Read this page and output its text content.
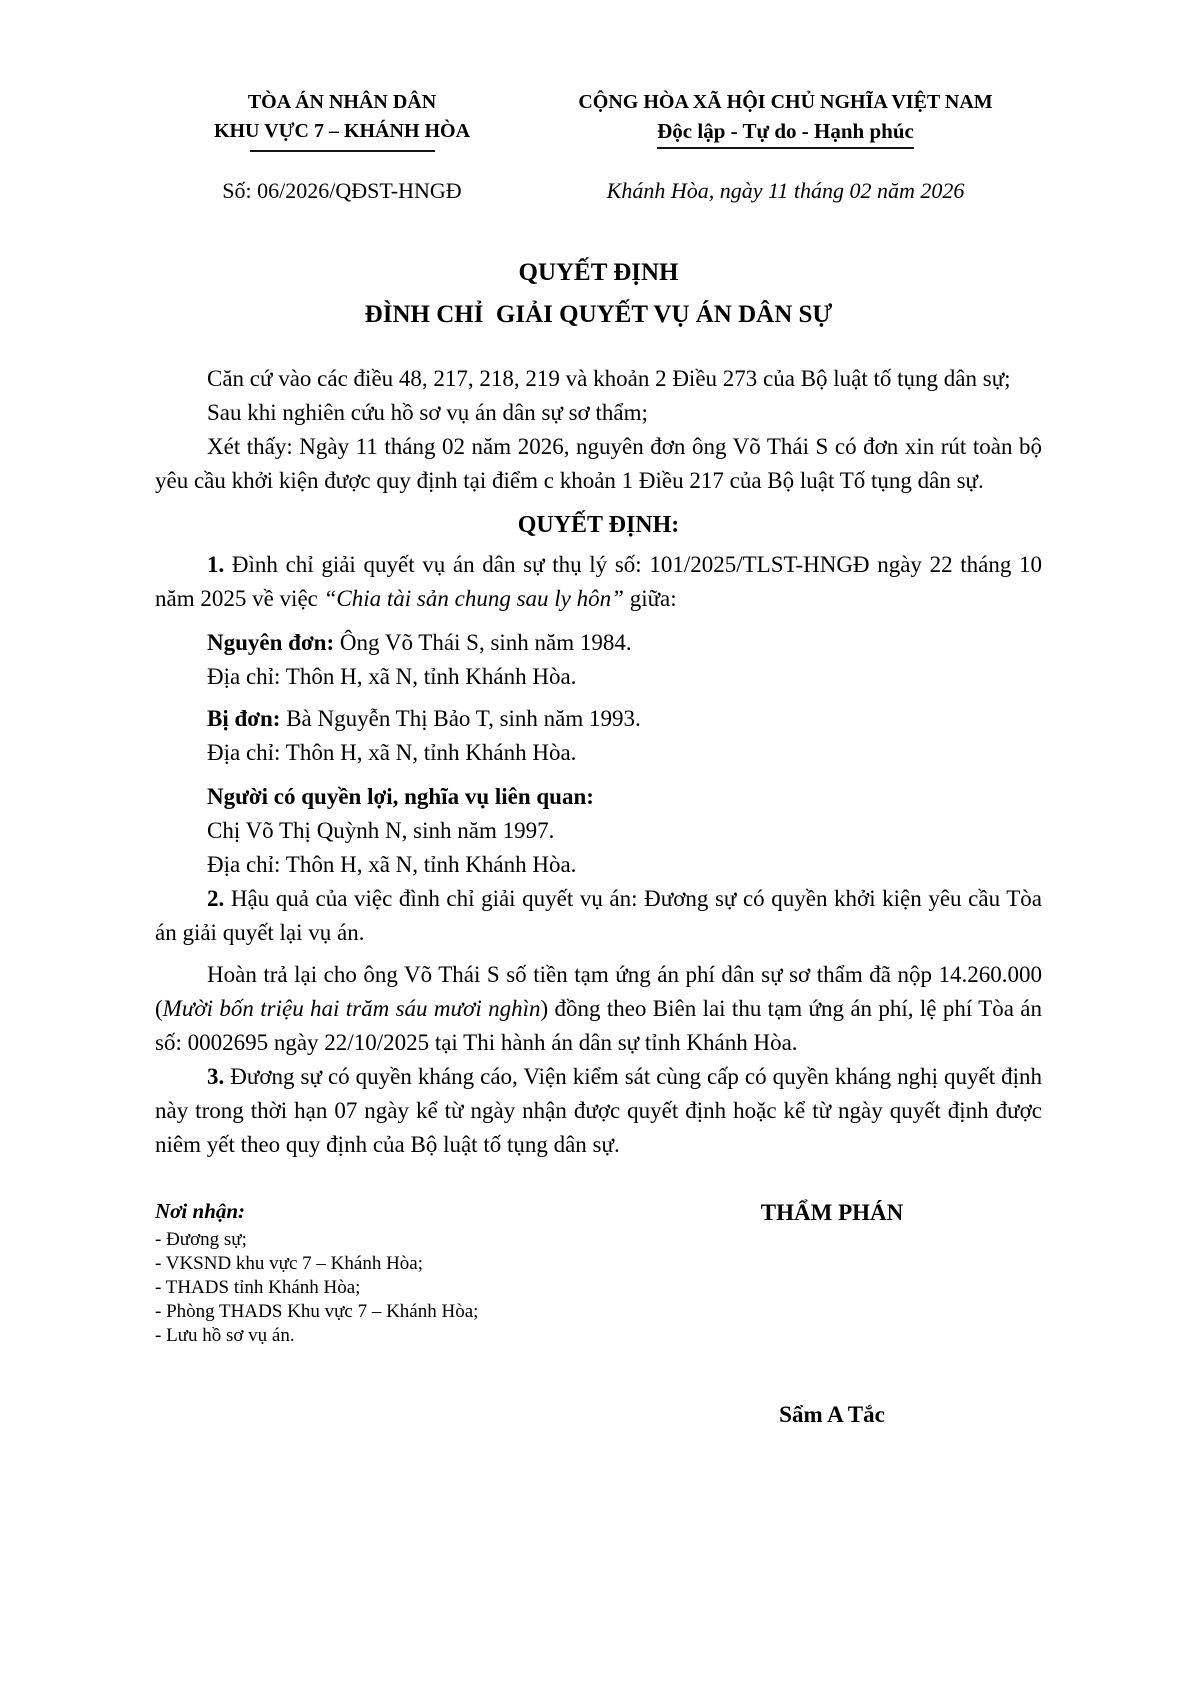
TÒA ÁN NHÂN DÂN
KHU VỰC 7 – KHÁNH HÒA
CỘNG HÒA XÃ HỘI CHỦ NGHĨA VIỆT NAM
Độc lập - Tự do - Hạnh phúc
Số: 06/2026/QĐST-HNGĐ	Khánh Hòa, ngày 11 tháng 02 năm 2026
QUYẾT ĐỊNH
ĐÌNH CHỈ  GIẢI QUYẾT VỤ ÁN DÂN SỰ

Căn cứ vào các điều 48, 217, 218, 219 và khoản 2 Điều 273 của Bộ luật tố tụng dân sự;

Sau khi nghiên cứu hồ sơ vụ án dân sự sơ thẩm;

Xét thấy: Ngày 11 tháng 02 năm 2026, nguyên đơn ông Võ Thái S có đơn xin rút toàn bộ yêu cầu khởi kiện được quy định tại điểm c khoản 1 Điều 217 của Bộ luật Tố tụng dân sự.

QUYẾT ĐỊNH:

1. Đình chỉ giải quyết vụ án dân sự thụ lý số: 101/2025/TLST-HNGĐ ngày 22 tháng 10 năm 2025 về việc “Chia tài sản chung sau ly hôn” giữa:

Nguyên đơn: Ông Võ Thái S, sinh năm 1984.
Địa chỉ: Thôn H, xã N, tỉnh Khánh Hòa.
Bị đơn: Bà Nguyễn Thị Bảo T, sinh năm 1993.
Địa chỉ: Thôn H, xã N, tỉnh Khánh Hòa.
Người có quyền lợi, nghĩa vụ liên quan:
Chị Võ Thị Quỳnh N, sinh năm 1997.
Địa chỉ: Thôn H, xã N, tỉnh Khánh Hòa.

2. Hậu quả của việc đình chỉ giải quyết vụ án: Đương sự có quyền khởi kiện yêu cầu Tòa án giải quyết lại vụ án.

Hoàn trả lại cho ông Võ Thái S số tiền tạm ứng án phí dân sự sơ thẩm đã nộp 14.260.000 (Mười bốn triệu hai trăm sáu mươi nghìn) đồng theo Biên lai thu tạm ứng án phí, lệ phí Tòa án số: 0002695 ngày 22/10/2025 tại Thi hành án dân sự tỉnh Khánh Hòa.

3. Đương sự có quyền kháng cáo, Viện kiểm sát cùng cấp có quyền kháng nghị quyết định này trong thời hạn 07 ngày kể từ ngày nhận được quyết định hoặc kể từ ngày quyết định được niêm yết theo quy định của Bộ luật tố tụng dân sự.

Nơi nhận:
- Đương sự;
- VKSND khu vực 7 – Khánh Hòa;
- THADS tỉnh Khánh Hòa;
- Phòng THADS Khu vực 7 – Khánh Hòa;
- Lưu hồ sơ vụ án.
THẨM PHÁN
Sẩm A Tắc
